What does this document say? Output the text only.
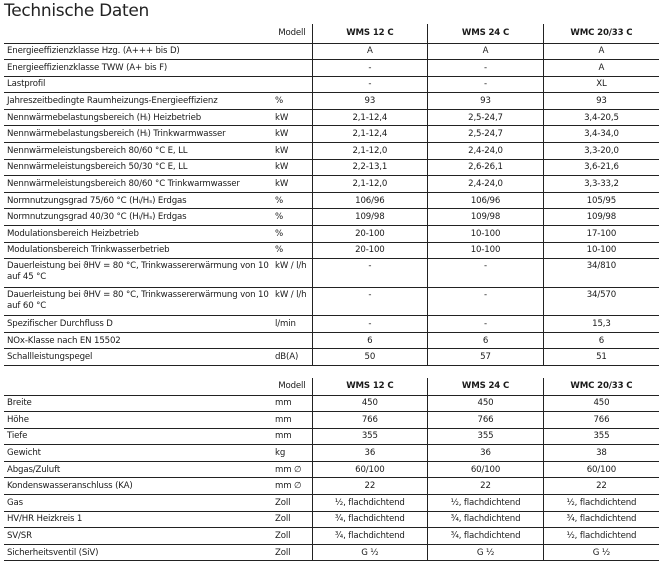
Technische Daten
Modell		WMS 12 C	WMS 24 C	WMC 20/33 C
Energieeffizienzklasse Hzg. (A+++ bis D)		A	A	A
Energieeffizienzklasse TWW (A+ bis F)		-	-	A
Lastprofil		-	-	XL
Jahreszeitbedingte Raumheizungs-Energieeffizienz	%	93	93	93
Nennwärmebelastungsbereich (Hᵢ) Heizbetrieb	kW	2,1-12,4	2,5-24,7	3,4-20,5
Nennwärmebelastungsbereich (Hᵢ) Trinkwarmwasser	kW	2,1-12,4	2,5-24,7	3,4-34,0
Nennwärmeleistungsbereich 80/60 °C E, LL	kW	2,1-12,0	2,4-24,0	3,3-20,0
Nennwärmeleistungsbereich 50/30 °C E, LL	kW	2,2-13,1	2,6-26,1	3,6-21,6
Nennwärmeleistungsbereich 80/60 °C Trinkwarmwasser	kW	2,1-12,0	2,4-24,0	3,3-33,2
Normnutzungsgrad 75/60 °C (Hᵢ/Hₛ) Erdgas	%	106/96	106/96	105/95
Normnutzungsgrad 40/30 °C (Hᵢ/Hₛ) Erdgas	%	109/98	109/98	109/98
Modulationsbereich Heizbetrieb	%	20-100	10-100	17-100
Modulationsbereich Trinkwasserbetrieb	%	20-100	10-100	10-100
Dauerleistung bei ϑHV = 80 °C, Trinkwassererwärmung von 10 auf 45 °C	kW / l/h	-	-	34/810
Dauerleistung bei ϑHV = 80 °C, Trinkwassererwärmung von 10 auf 60 °C	kW / l/h	-	-	34/570
Spezifischer Durchfluss D	l/min	-	-	15,3
NOx-Klasse nach EN 15502		6	6	6
Schallleistungspegel	dB(A)	50	57	51
Modell		WMS 12 C	WMS 24 C	WMC 20/33 C
Breite	mm	450	450	450
Höhe	mm	766	766	766
Tiefe	mm	355	355	355
Gewicht	kg	36	36	38
Abgas/Zuluft	mm ∅	60/100	60/100	60/100
Kondenswasseranschluss (KA)	mm ∅	22	22	22
Gas	Zoll	½, flachdichtend	½, flachdichtend	½, flachdichtend
HV/HR Heizkreis 1	Zoll	¾, flachdichtend	¾, flachdichtend	¾, flachdichtend
SV/SR	Zoll	¾, flachdichtend	¾, flachdichtend	½, flachdichtend
Sicherheitsventil (SiV)	Zoll	G ½	G ½	G ½
